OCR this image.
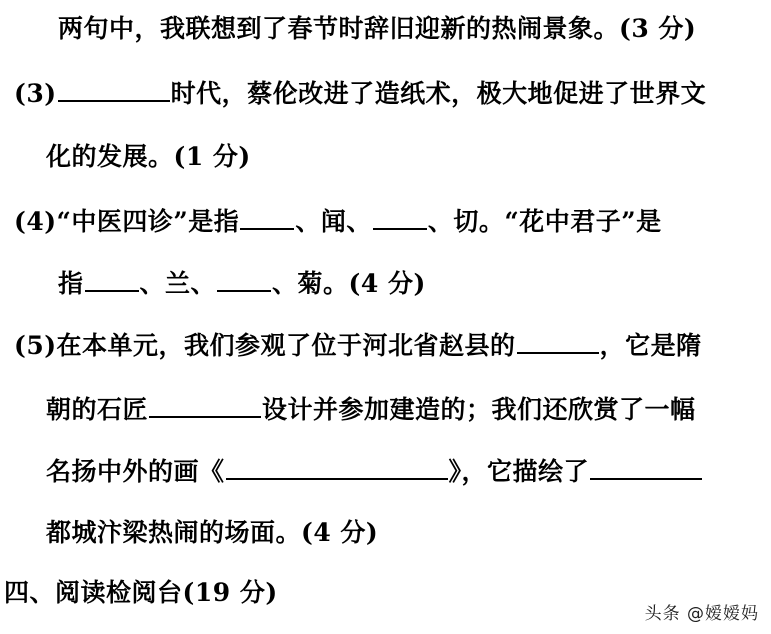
两句中，我联想到了春节时辞旧迎新的热闹景象。(3 分)
(3)	时代，蔡伦改进了造纸术，极大地促进了世界文
化的发展。(1 分)
(4)“中医四诊”是指 、闻、 、切。“花中君子”是
指 、兰、 、菊。(4 分)
(5)在本单元，我们参观了位于河北省赵县的	，它是隋
朝的石匠	设计并参加建造的；我们还欣赏了一幅
名扬中外的画《	》，它描绘了
都城汴梁热闹的场面。(4 分)
四、阅读检阅台(19 分)
头条 @嫒嫒妈
